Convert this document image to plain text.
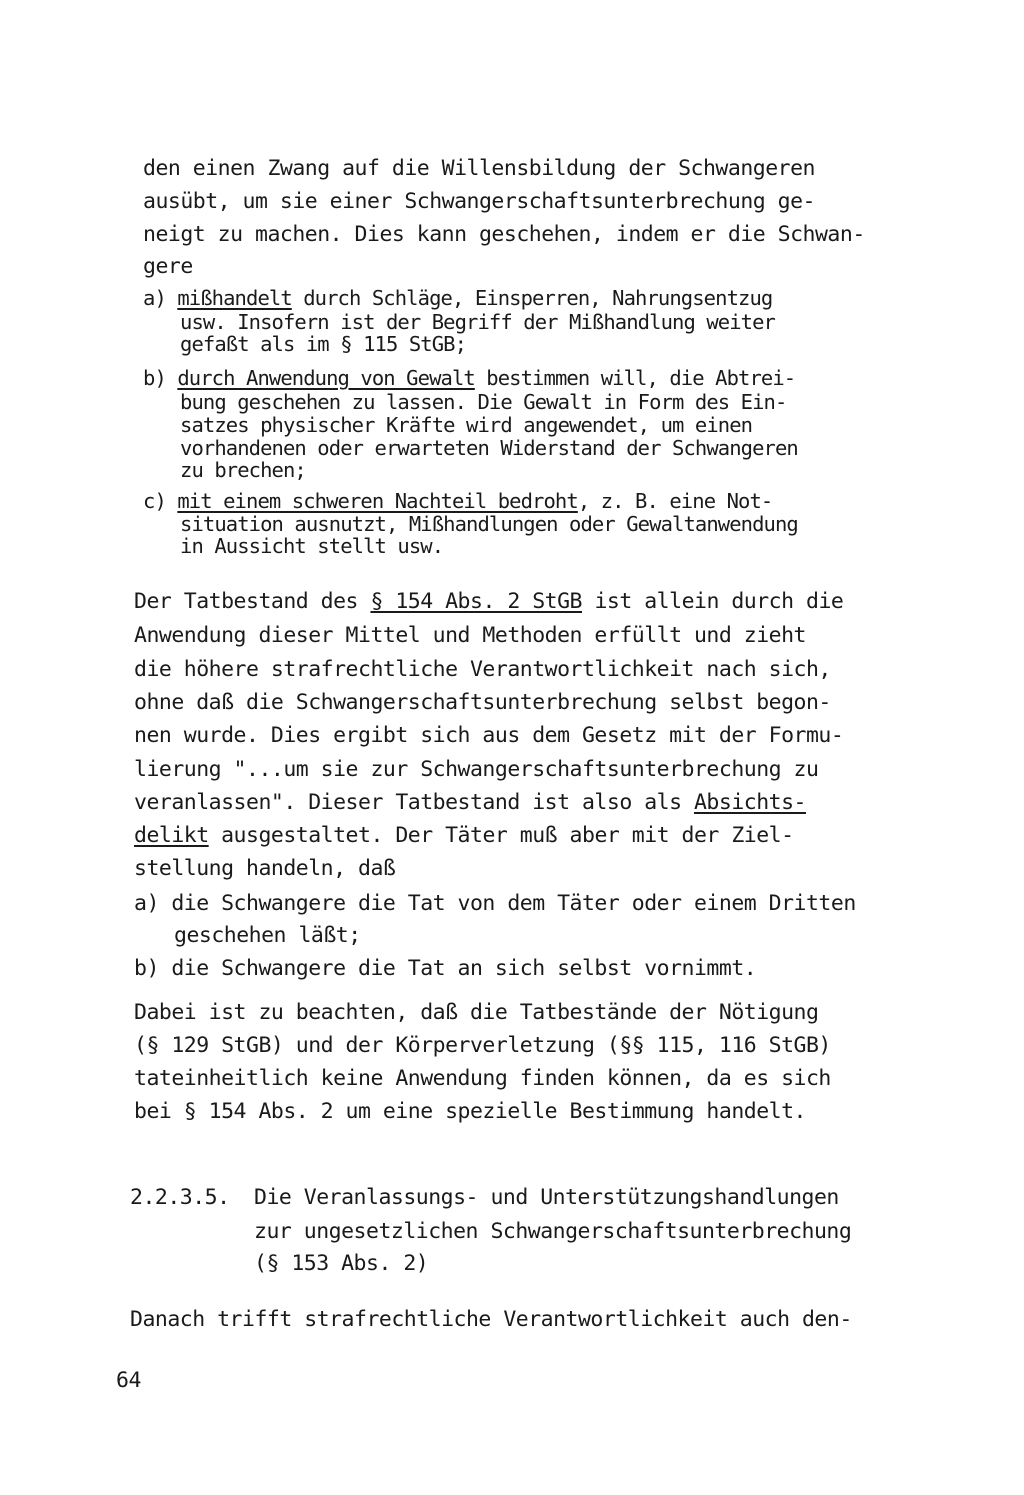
den einen Zwang auf die Willensbildung der Schwangeren
ausübt, um sie einer Schwangerschaftsunterbrechung ge-
neigt zu machen. Dies kann geschehen, indem er die Schwan-
gere
a) mißhandelt durch Schläge, Einsperren, Nahrungsentzug
usw. Insofern ist der Begriff der Mißhandlung weiter
gefaßt als im § 115 StGB;
b) durch Anwendung von Gewalt bestimmen will, die Abtrei-
bung geschehen zu lassen. Die Gewalt in Form des Ein-
satzes physischer Kräfte wird angewendet, um einen
vorhandenen oder erwarteten Widerstand der Schwangeren
zu brechen;
c) mit einem schweren Nachteil bedroht, z. B. eine Not-
situation ausnutzt, Mißhandlungen oder Gewaltanwendung
in Aussicht stellt usw.
Der Tatbestand des § 154 Abs. 2 StGB ist allein durch die
Anwendung dieser Mittel und Methoden erfüllt und zieht
die höhere strafrechtliche Verantwortlichkeit nach sich,
ohne daß die Schwangerschaftsunterbrechung selbst begon-
nen wurde. Dies ergibt sich aus dem Gesetz mit der Formu-
lierung "...um sie zur Schwangerschaftsunterbrechung zu
veranlassen". Dieser Tatbestand ist also als Absichts-
delikt ausgestaltet. Der Täter muß aber mit der Ziel-
stellung handeln, daß
a) die Schwangere die Tat von dem Täter oder einem Dritten
geschehen läßt;
b) die Schwangere die Tat an sich selbst vornimmt.
Dabei ist zu beachten, daß die Tatbestände der Nötigung
(§ 129 StGB) und der Körperverletzung (§§ 115, 116 StGB)
tateinheitlich keine Anwendung finden können, da es sich
bei § 154 Abs. 2 um eine spezielle Bestimmung handelt.
2.2.3.5. Die Veranlassungs- und Unterstützungshandlungen
zur ungesetzlichen Schwangerschaftsunterbrechung
(§ 153 Abs. 2)
Danach trifft strafrechtliche Verantwortlichkeit auch den-
64
